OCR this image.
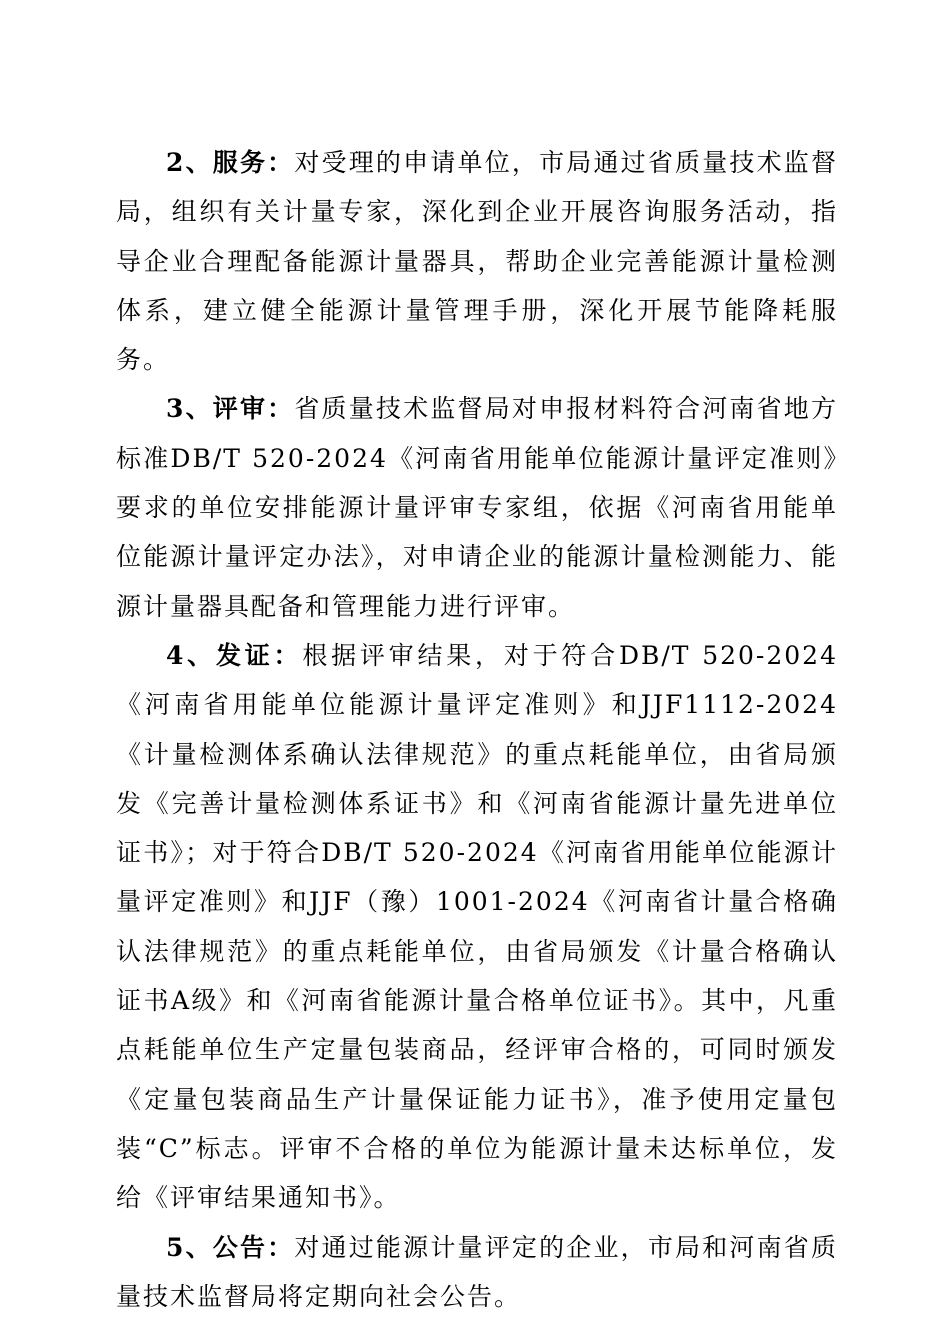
2、服务：对受理的申请单位，市局通过省质量技术监督局，组织有关计量专家，深化到企业开展咨询服务活动，指导企业合理配备能源计量器具，帮助企业完善能源计量检测体系，建立健全能源计量管理手册，深化开展节能降耗服务。

3、评审：省质量技术监督局对申报材料符合河南省地方标准DB/T 520-2024《河南省用能单位能源计量评定准则》要求的单位安排能源计量评审专家组，依据《河南省用能单位能源计量评定办法》，对申请企业的能源计量检测能力、能源计量器具配备和管理能力进行评审。

4、发证：根据评审结果，对于符合DB/T 520-2024《河南省用能单位能源计量评定准则》和JJF1112-2024《计量检测体系确认法律规范》的重点耗能单位，由省局颁发《完善计量检测体系证书》和《河南省能源计量先进单位证书》；对于符合DB/T 520-2024《河南省用能单位能源计量评定准则》和JJF（豫）1001-2024《河南省计量合格确认法律规范》的重点耗能单位，由省局颁发《计量合格确认证书A级》和《河南省能源计量合格单位证书》。其中，凡重点耗能单位生产定量包装商品，经评审合格的，可同时颁发《定量包装商品生产计量保证能力证书》，准予使用定量包装“C”标志。评审不合格的单位为能源计量未达标单位，发给《评审结果通知书》。

5、公告：对通过能源计量评定的企业，市局和河南省质量技术监督局将定期向社会公告。
